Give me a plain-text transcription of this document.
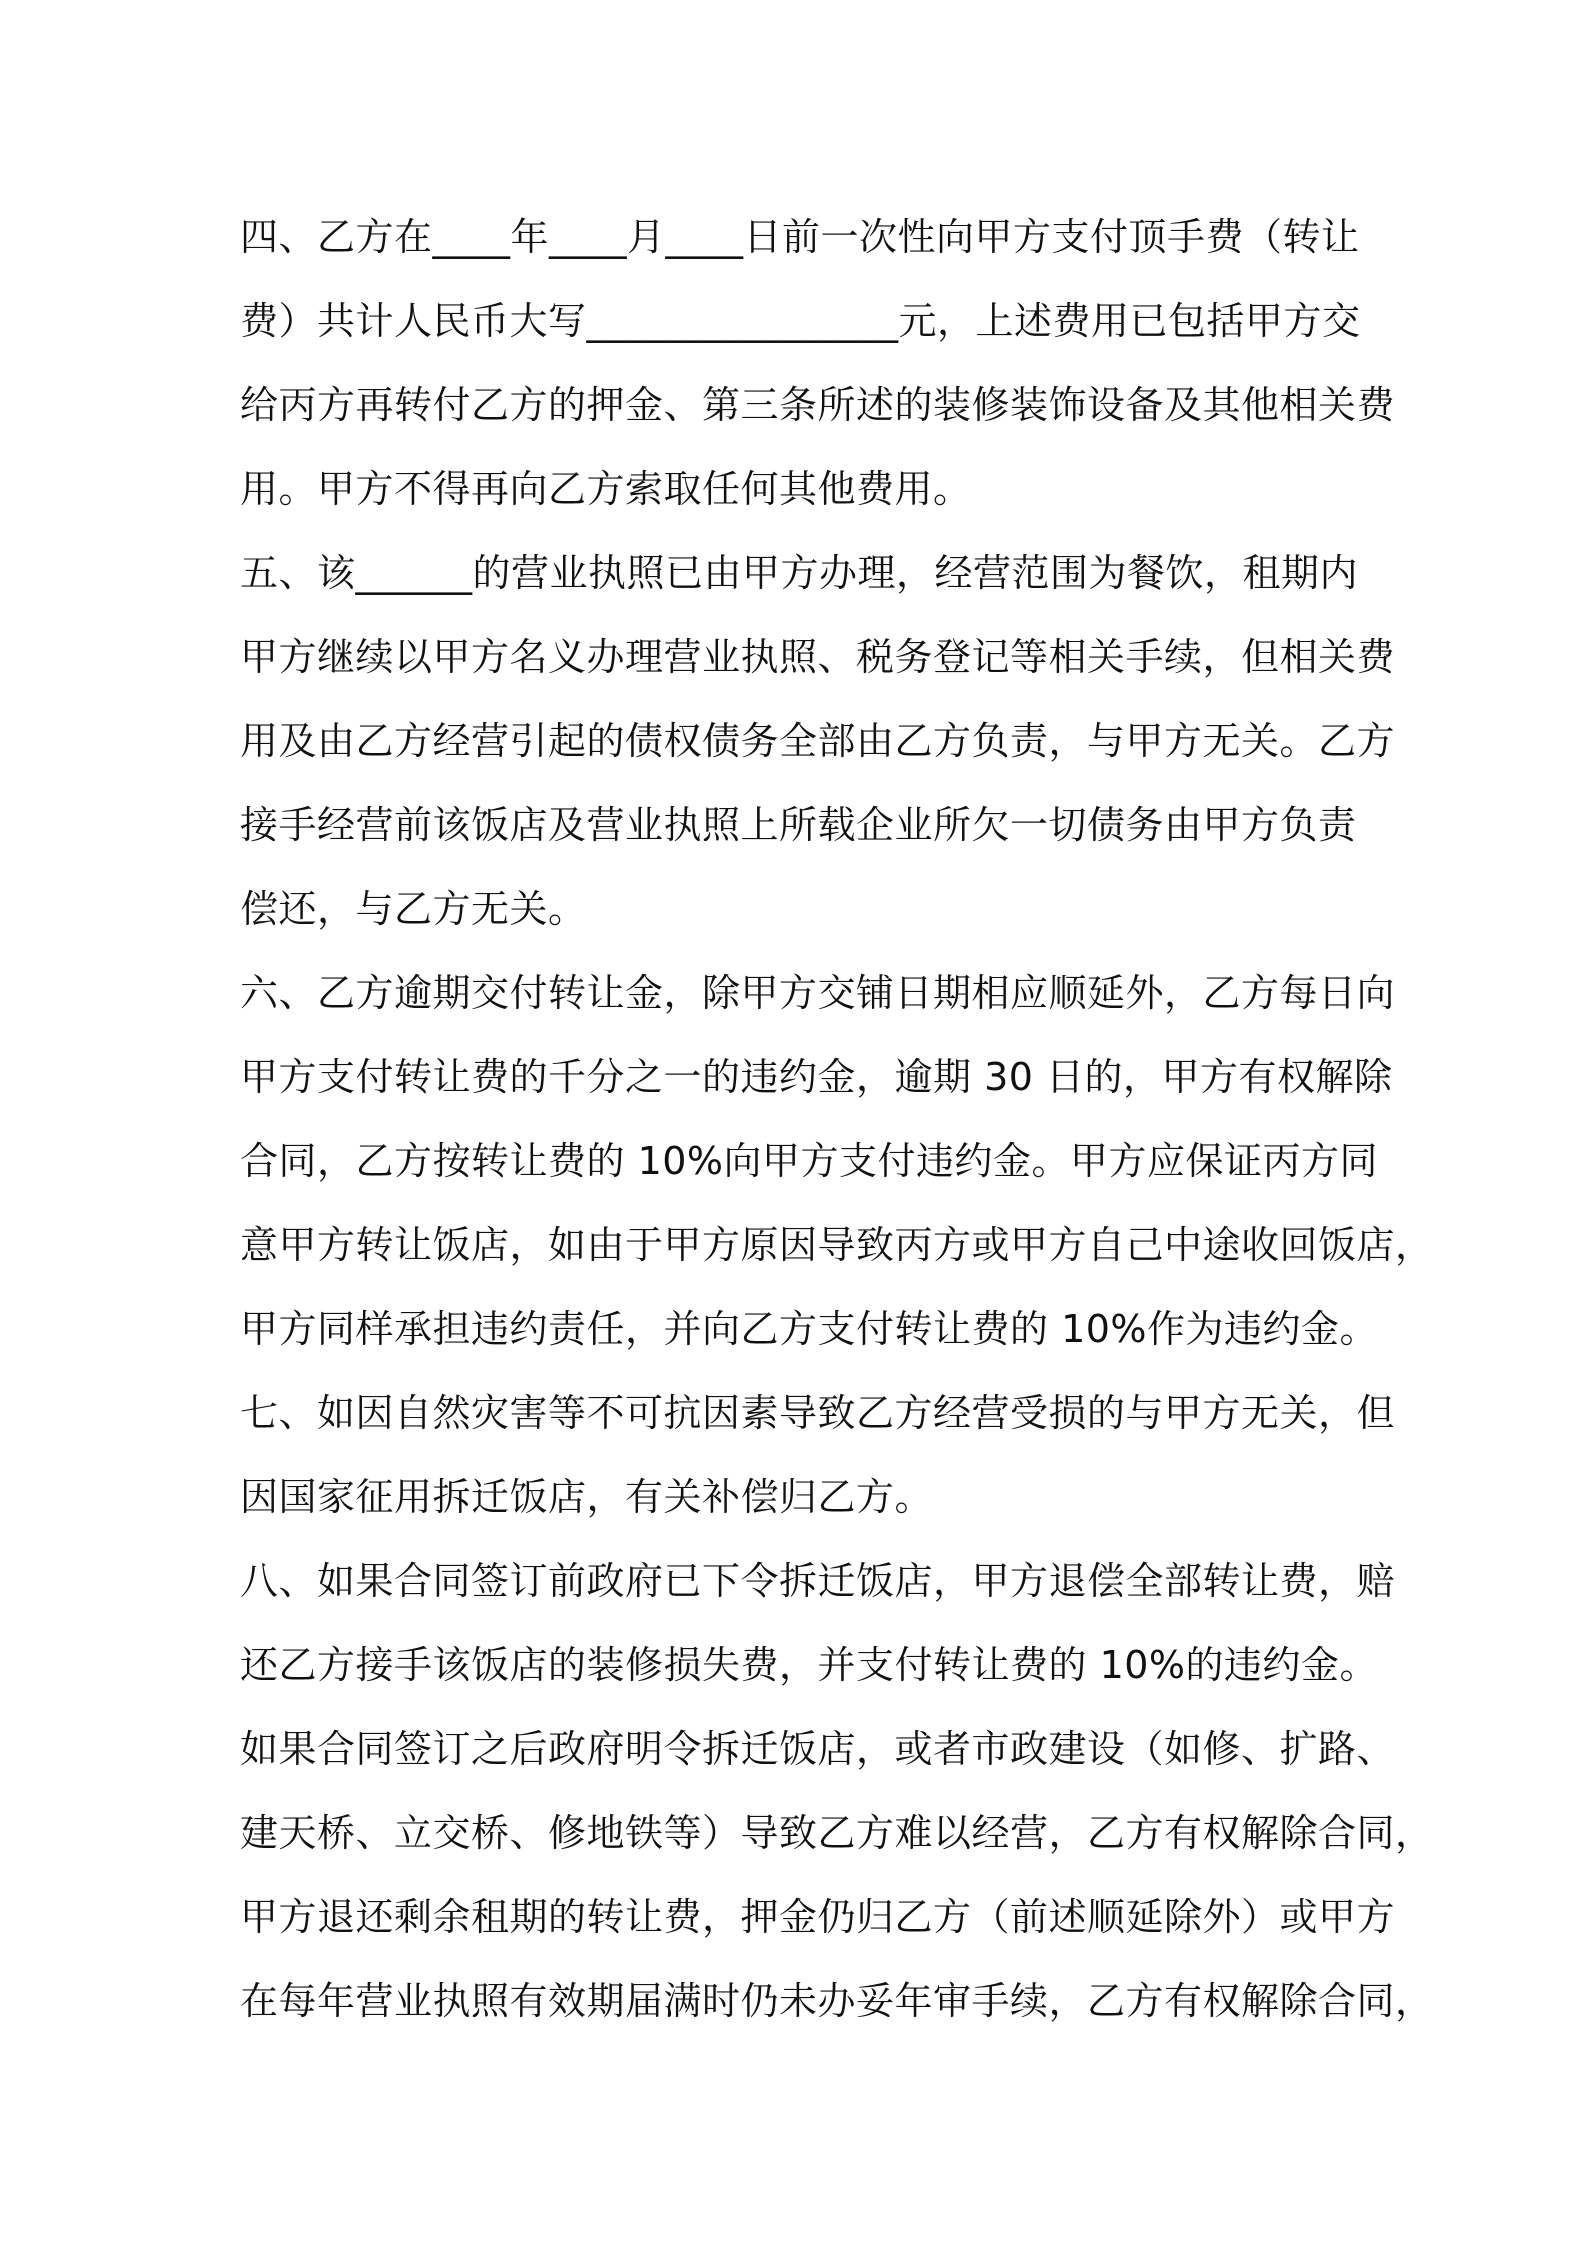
四、乙方在____年____月____日前一次性向甲方支付顶手费（转让
费）共计人民币大写________________元，上述费用已包括甲方交
给丙方再转付乙方的押金、第三条所述的装修装饰设备及其他相关费
用。甲方不得再向乙方索取任何其他费用。
五、该______的营业执照已由甲方办理，经营范围为餐饮，租期内
甲方继续以甲方名义办理营业执照、税务登记等相关手续，但相关费
用及由乙方经营引起的债权债务全部由乙方负责，与甲方无关。乙方
接手经营前该饭店及营业执照上所载企业所欠一切债务由甲方负责
偿还，与乙方无关。
六、乙方逾期交付转让金，除甲方交铺日期相应顺延外，乙方每日向
甲方支付转让费的千分之一的违约金，逾期 30 日的，甲方有权解除
合同，乙方按转让费的 10%向甲方支付违约金。甲方应保证丙方同
意甲方转让饭店，如由于甲方原因导致丙方或甲方自己中途收回饭店，
甲方同样承担违约责任，并向乙方支付转让费的 10%作为违约金。
七、如因自然灾害等不可抗因素导致乙方经营受损的与甲方无关，但
因国家征用拆迁饭店，有关补偿归乙方。
八、如果合同签订前政府已下令拆迁饭店，甲方退偿全部转让费，赔
还乙方接手该饭店的装修损失费，并支付转让费的 10%的违约金。
如果合同签订之后政府明令拆迁饭店，或者市政建设（如修、扩路、
建天桥、立交桥、修地铁等）导致乙方难以经营，乙方有权解除合同，
甲方退还剩余租期的转让费，押金仍归乙方（前述顺延除外）或甲方
在每年营业执照有效期届满时仍未办妥年审手续，乙方有权解除合同，
